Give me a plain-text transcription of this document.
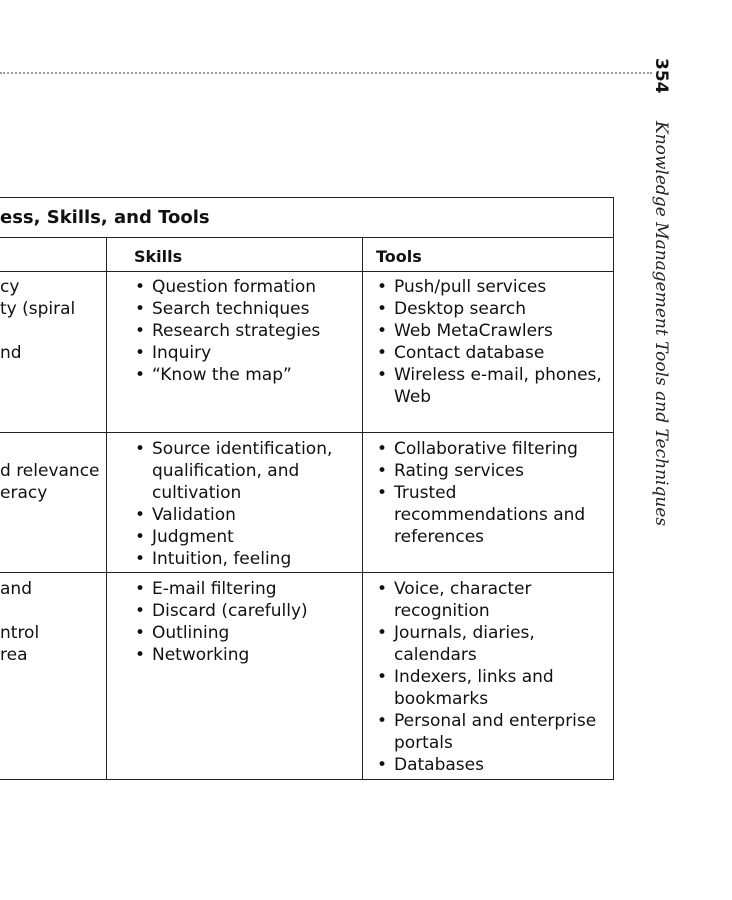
354 Knowledge Management Tools and Techniques
ess, Skills, and Tools
Skills	Tools
cy
ty (spiral
nd
• Question formation
• Search techniques
• Research strategies
• Inquiry
• “Know the map”
• Push/pull services
• Desktop search
• Web MetaCrawlers
• Contact database
• Wireless e-mail, phones, Web
d relevance
eracy
• Source identification, qualification, and cultivation
• Validation
• Judgment
• Intuition, feeling
• Collaborative filtering
• Rating services
• Trusted recommendations and references
and
ntrol
rea
• E-mail filtering
• Discard (carefully)
• Outlining
• Networking
• Voice, character recognition
• Journals, diaries, calendars
• Indexers, links and bookmarks
• Personal and enterprise portals
• Databases
